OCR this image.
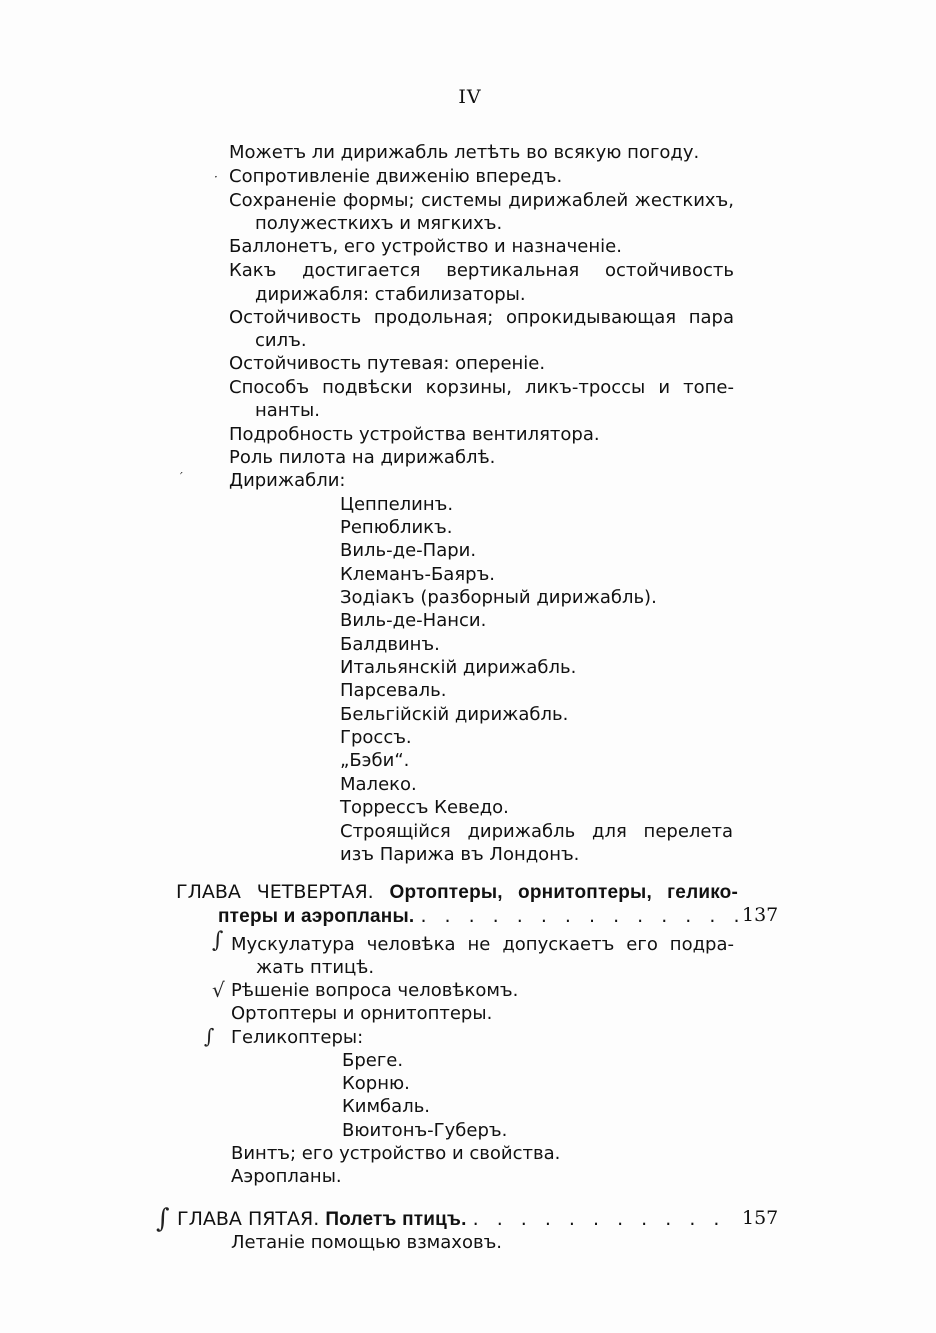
IV
Можетъ ли дирижабль летѣть во всякую погоду.
Сопротивленіе движенію впередъ.
Сохраненіе формы; системы дирижаблей жесткихъ,
полужесткихъ и мягкихъ.
Баллонетъ, его устройство и назначеніе.
Какъ достигается вертикальная остойчивость
дирижабля: стабилизаторы.
Остойчивость продольная; опрокидывающая пара
силъ.
Остойчивость путевая: опереніе.
Способъ подвѣски корзины, ликъ-троссы и топе-
нанты.
Подробность устройства вентилятора.
Роль пилота на дирижаблѣ.
Дирижабли:
Цеппелинъ.
Репюбликъ.
Виль-де-Пари.
Клеманъ-Баяръ.
Зодіакъ (разборный дирижабль).
Виль-де-Нанси.
Балдвинъ.
Итальянскій дирижабль.
Парсеваль.
Бельгійскій дирижабль.
Гроссъ.
„Бэби“.
Малеко.
Торрессъ Кеведо.
Строящійся дирижабль для перелета
изъ Парижа въ Лондонъ.
ГЛАВА ЧЕТВЕРТАЯ. Ортоптеры, орнитоптеры, гелико-
птеры и аэропланы. . . . . . . . . . . . . . .
137
∫
√
∫
∫
·
′
Мускулатура человѣка не допускаетъ его подра-
жать птицѣ.
Рѣшеніе вопроса человѣкомъ.
Ортоптеры и орнитоптеры.
Геликоптеры:
Бреге.
Корню.
Кимбаль.
Вюитонъ-Губеръ.
Винтъ; его устройство и свойства.
Аэропланы.
ГЛАВА ПЯТАЯ. Полетъ птицъ. . . . . . . . . . . . 157
Летаніе помощью взмаховъ.
